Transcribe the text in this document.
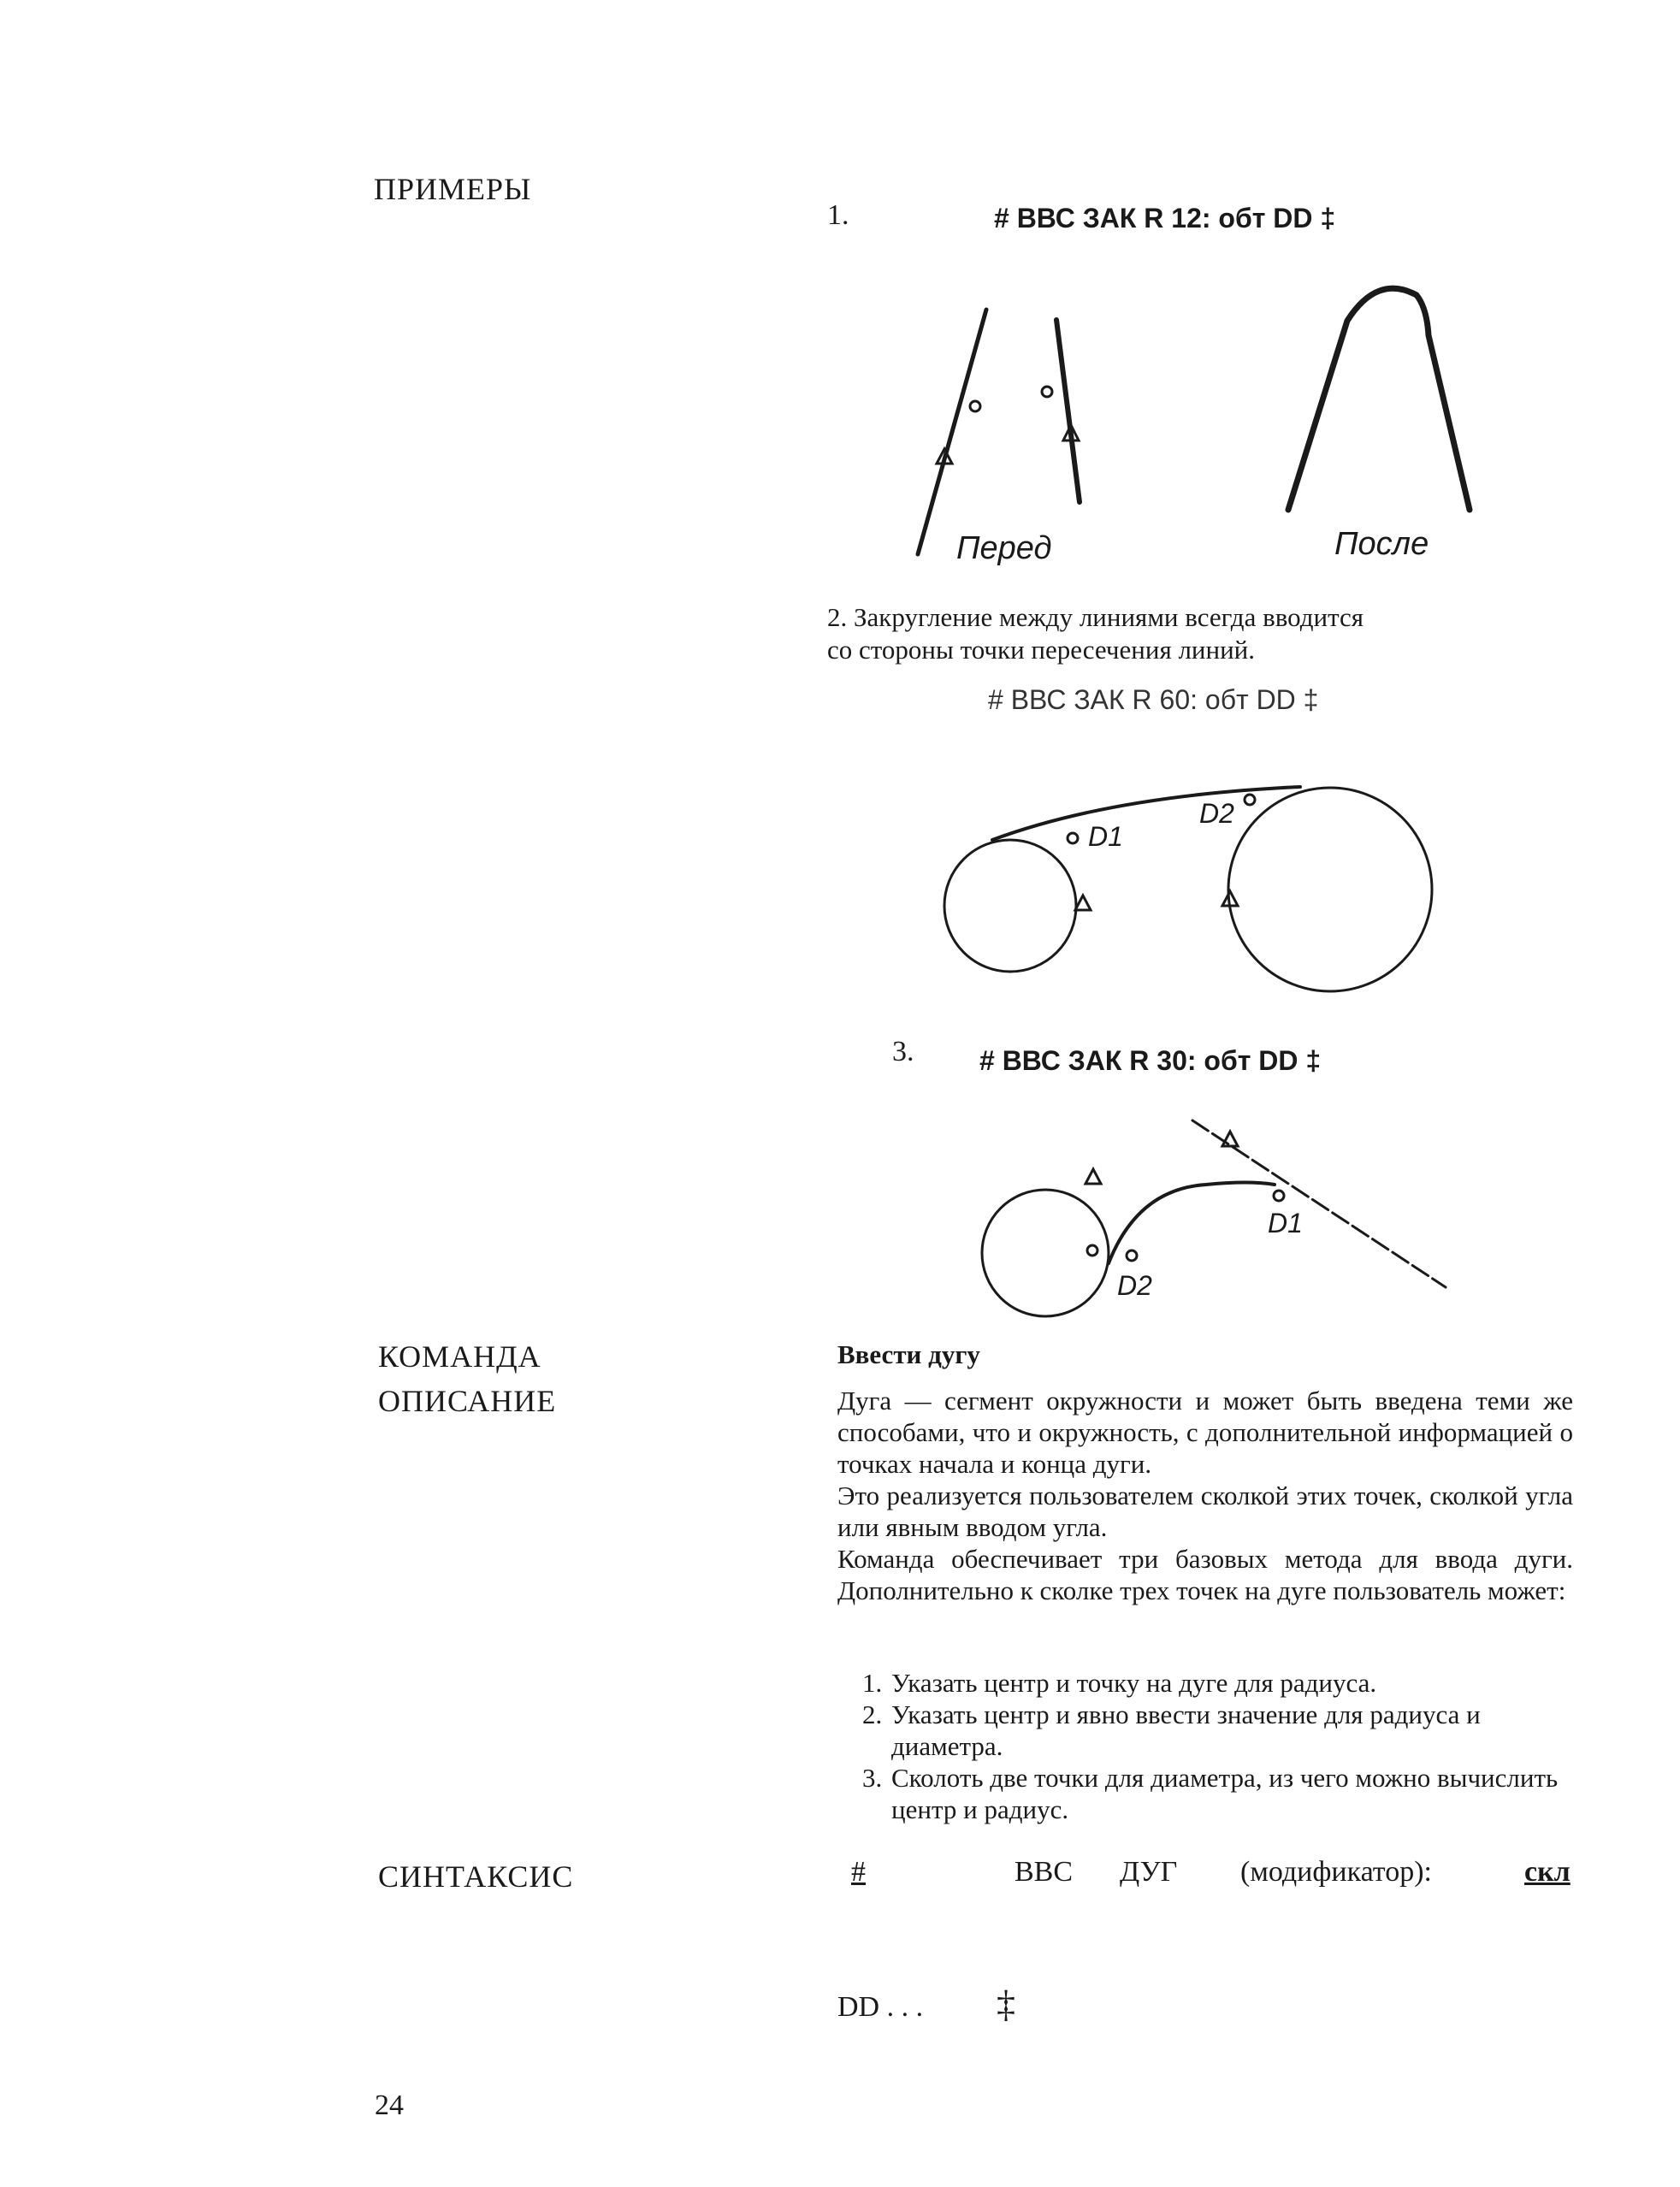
ПРИМЕРЫ
КОМАНДА
ОПИСАНИЕ
СИНТАКСИС
24
1.	# ВВС ЗАК R 12: обт DD ‡
Перед	После
2. Закругление между линиями всегда вводится
со стороны точки пересечения линий.
# ВВС ЗАК R 60: обт DD ‡
D1
D2
3. # ВВС ЗАК R 30: обт DD ‡
D1
D2
Ввести дугу

Дуга — сегмент окружности и может быть введена теми же способами, что и окружность, с дополнительной информацией о точках начала и конца дуги.

Это реализуется пользователем сколкой этих точек, сколкой угла или явным вводом угла.

Команда обеспечивает три базовых метода для ввода дуги. Дополнительно к сколке трех точек на дуге пользователь может:

1. Указать центр и точку на дуге для радиуса.
2. Указать центр и явно ввести значение для радиуса и диаметра.
3. Сколоть две точки для диаметра, из чего можно вычислить центр и радиус.
#	ВВС ДУГ (модификатор):	скл
DD . . . ‡
